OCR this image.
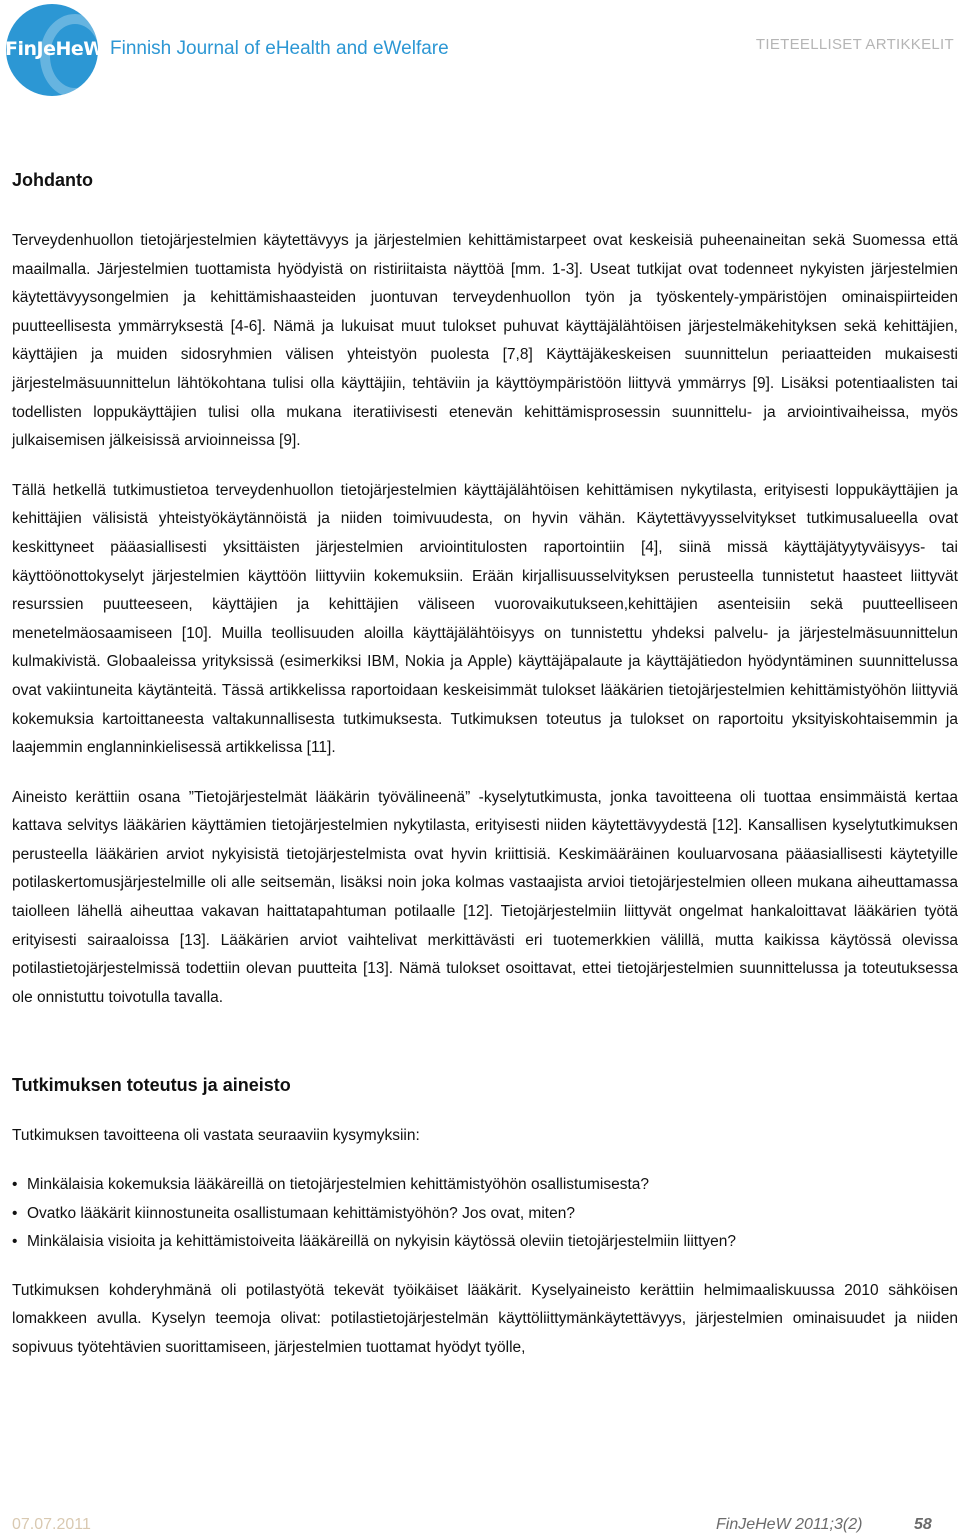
FinJeHeW Finnish Journal of eHealth and eWelfare	TIETEELLISET ARTIKKELIT
Johdanto

Terveydenhuollon tietojärjestelmien käytettävyys ja järjestelmien kehittämistarpeet ovat keskeisiä puheenaineitan sekä Suomessa että maailmalla. Järjestelmien tuottamista hyödyistä on ristiriitaista näyttöä [mm. 1-3]. Useat tutkijat ovat todenneet nykyisten järjestelmien käytettävyysongelmien ja kehittämishaasteiden juontuvan terveydenhuollon työn ja työskentely-ympäristöjen ominaispiirteiden puutteellisesta ymmärryksestä [4-6]. Nämä ja lukuisat muut tulokset puhuvat käyttäjälähtöisen järjestelmäkehityksen sekä kehittäjien, käyttäjien ja muiden sidosryhmien välisen yhteistyön puolesta [7,8] Käyttäjäkeskeisen suunnittelun periaatteiden mukaisesti järjestelmäsuunnittelun lähtökohtana tulisi olla käyttäjiin, tehtäviin ja käyttöympäristöön liittyvä ymmärrys [9]. Lisäksi potentiaalisten tai todellisten loppukäyttäjien tulisi olla mukana iteratiivisesti etenevän kehittämisprosessin suunnittelu- ja arviointivaiheissa, myös julkaisemisen jälkeisissä arvioinneissa [9].

Tällä hetkellä tutkimustietoa terveydenhuollon tietojärjestelmien käyttäjälähtöisen kehittämisen nykytilasta, erityisesti loppukäyttäjien ja kehittäjien välisistä yhteistyökäytännöistä ja niiden toimivuudesta, on hyvin vähän. Käytettävyysselvitykset tutkimusalueella ovat keskittyneet pääasiallisesti yksittäisten järjestelmien arviointitulosten raportointiin [4], siinä missä käyttäjätyytyväisyys- tai käyttöönottokyselyt järjestelmien käyttöön liittyviin kokemuksiin. Erään kirjallisuusselvityksen perusteella tunnistetut haasteet liittyvät resurssien puutteeseen, käyttäjien ja kehittäjien väliseen vuorovaikutukseen,kehittäjien asenteisiin sekä puutteelliseen menetelmäosaamiseen [10]. Muilla teollisuuden aloilla käyttäjälähtöisyys on tunnistettu yhdeksi palvelu- ja järjestelmäsuunnittelun kulmakivistä. Globaaleissa yrityksissä (esimerkiksi IBM, Nokia ja Apple) käyttäjäpalaute ja käyttäjätiedon hyödyntäminen suunnittelussa ovat vakiintuneita käytänteitä. Tässä artikkelissa raportoidaan keskeisimmät tulokset lääkärien tietojärjestelmien kehittämistyöhön liittyviä kokemuksia kartoittaneesta valtakunnallisesta tutkimuksesta. Tutkimuksen toteutus ja tulokset on raportoitu yksityiskohtaisemmin ja laajemmin englanninkielisessä artikkelissa [11].

Aineisto kerättiin osana ”Tietojärjestelmät lääkärin työvälineenä” -kyselytutkimusta, jonka tavoitteena oli tuottaa ensimmäistä kertaa kattava selvitys lääkärien käyttämien tietojärjestelmien nykytilasta, erityisesti niiden käytettävyydestä [12]. Kansallisen kyselytutkimuksen perusteella lääkärien arviot nykyisistä tietojärjestelmista ovat hyvin kriittisiä. Keskimääräinen kouluarvosana pääasiallisesti käytetyille potilaskertomusjärjestelmille oli alle seitsemän, lisäksi noin joka kolmas vastaajista arvioi tietojärjestelmien olleen mukana aiheuttamassa taiolleen lähellä aiheuttaa vakavan haittatapahtuman potilaalle [12]. Tietojärjestelmiin liittyvät ongelmat hankaloittavat lääkärien työtä erityisesti sairaaloissa [13]. Lääkärien arviot vaihtelivat merkittävästi eri tuotemerkkien välillä, mutta kaikissa käytössä olevissa potilastietojärjestelmissä todettiin olevan puutteita [13]. Nämä tulokset osoittavat, ettei tietojärjestelmien suunnittelussa ja toteutuksessa ole onnistuttu toivotulla tavalla.

Tutkimuksen toteutus ja aineisto

Tutkimuksen tavoitteena oli vastata seuraaviin kysymyksiin:

• Minkälaisia kokemuksia lääkäreillä on tietojärjestelmien kehittämistyöhön osallistumisesta?
• Ovatko lääkärit kiinnostuneita osallistumaan kehittämistyöhön? Jos ovat, miten?
• Minkälaisia visioita ja kehittämistoiveita lääkäreillä on nykyisin käytössä oleviin tietojärjestelmiin liittyen?

Tutkimuksen kohderyhmänä oli potilastyötä tekevät työikäiset lääkärit. Kyselyaineisto kerättiin helmimaaliskuussa 2010 sähköisen lomakkeen avulla. Kyselyn teemoja olivat: potilastietojärjestelmän käyttöliittymänkäytettävyys, järjestelmien ominaisuudet ja niiden sopivuus työtehtävien suorittamiseen, järjestelmien tuottamat hyödyt työlle,

07.07.2011	FinJeHeW 2011;3(2)	58
